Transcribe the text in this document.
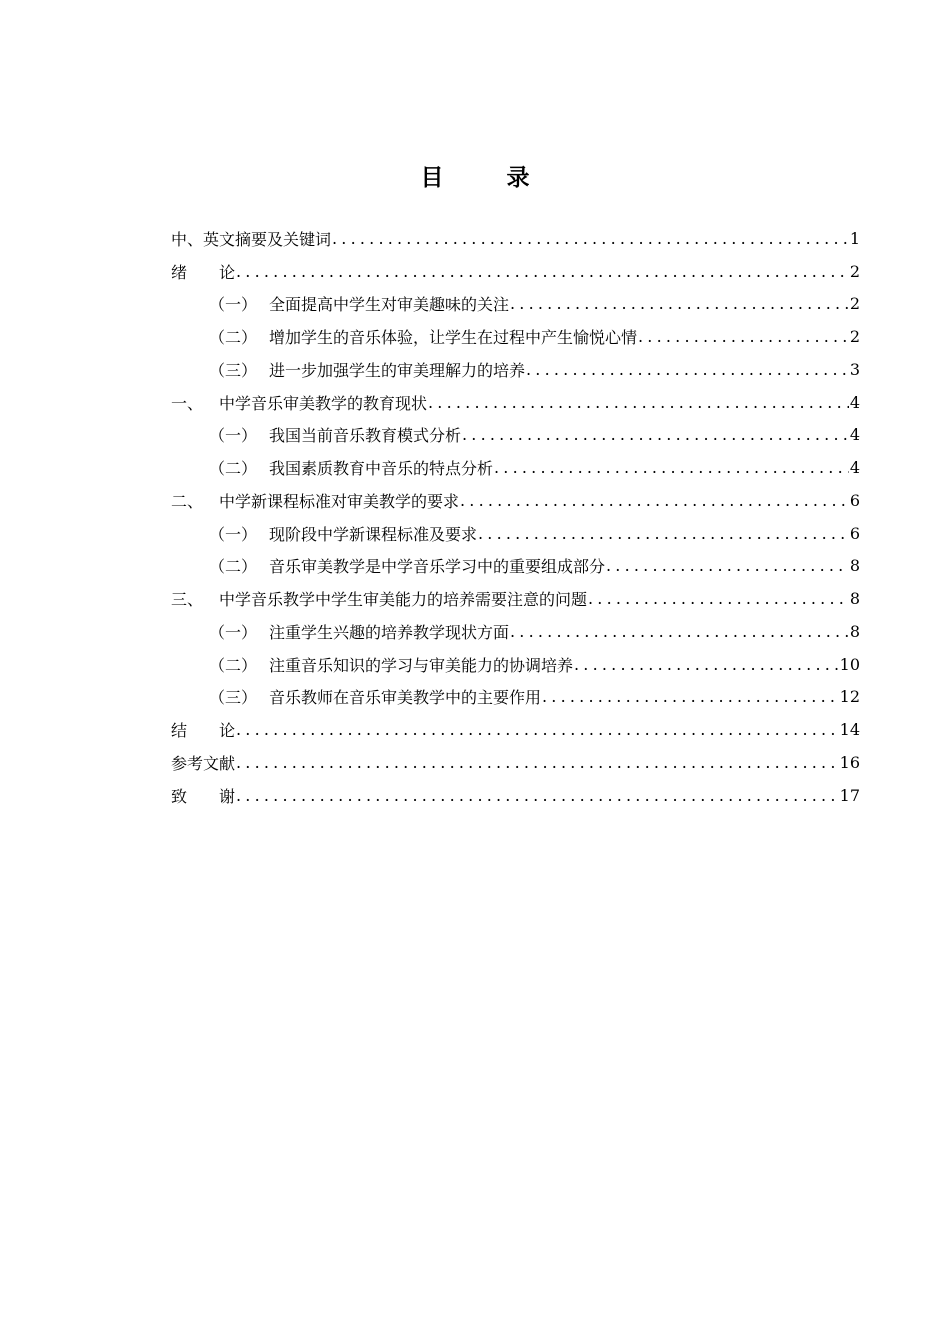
目　录
中、英文摘要及关键词 .....	1
绪　　论 .....	2
（一） 全面提高中学生对审美趣味的关注 .....	2
（二） 增加学生的音乐体验，让学生在过程中产生愉悦心情 .....	2
（三） 进一步加强学生的审美理解力的培养 .....	3
一、 中学音乐审美教学的教育现状 .....	4
（一） 我国当前音乐教育模式分析 .....	4
（二） 我国素质教育中音乐的特点分析 .....	4
二、 中学新课程标准对审美教学的要求 .....	6
（一） 现阶段中学新课程标准及要求 .....	6
（二） 音乐审美教学是中学音乐学习中的重要组成部分 .....	8
三、 中学音乐教学中学生审美能力的培养需要注意的问题 .....	8
（一） 注重学生兴趣的培养教学现状方面 .....	8
（二） 注重音乐知识的学习与审美能力的协调培养 .....	10
（三） 音乐教师在音乐审美教学中的主要作用 .....	12
结　　论 .....	14
参考文献 .....	16
致　　谢 .....	17
